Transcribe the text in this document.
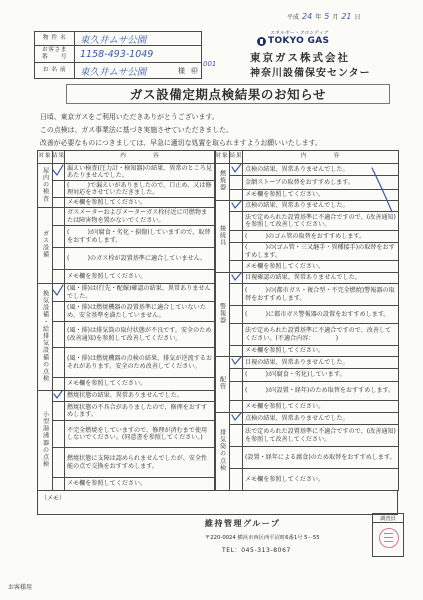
平成 24 年 5 月 21 日
物 件 名	東久井ムサ公園
お客さま
番　　号	1158-493-1049
お 名 前	東久井ムサ公園	様 ㊞
001
エネルギー・フロンティア
TOKYO GAS
東京ガス株式会社
神奈川設備保安センター
ガス設備定期点検結果のお知らせ
日頃、東京ガスをご利用いただきありがとうございます。
この点検は、ガス事業法に基づき実施させていただきました。
改善が必要なものにつきましては、早急に適切な処置を取られますようお願いいたします。
対象	結果	内　　　　容

屋内の検査		漏えい検査(圧力計・検知器)の結果、異常のところ見あたりませんでした。

(　　　)で漏えいがありましたので、口止め、又は修理対応をさせていただきました。

メモ欄を参照してください。

ガス設備		ガスメーターおよびメーターガス栓付近に可燃物または障害物を置かないでください。

(　　　)が(腐食・劣化・損傷)していますので、取替をおすすめします。

(　　　)のガス栓が設置基準に適合していません。

メモ欄を参照してください。

換気設備・給排気設備の点検		(風・排)は(行先・配線)確認の結果、異常ありませんでした。

(風・排)は燃焼機器の設置基準に適合していないため、安全基準を満たしていません。

(風・排)は排気筒の取付状態が不良です。安全のため(改善通知)を参照して改善してください。

(風・排)は燃焼機器の点検の結果、排気が逆流するおそれがあります。安全のため改善してください。

メモ欄を参照してください。

小型湯沸器の点検		燃焼状態の結果、異常ありませんでした。

燃焼状態の不具合がありましたので、修理をおすすめします。

不完全燃焼をしていますので、修理が済むまで使用しないでください。(同意書を参照してください。)

燃焼状態に支障は認められませんでしたが、安全性能の点で交換をおすすめします。

メモ欄を参照してください。
対象	結果	内　　　　容

燃焼器		点検の結果、異常ありませんでした。

金網ストーブの取替をおすすめします。

メモ欄を参照してください。

接続具		点検の結果、異常ありませんでした。

法で定められた設置基準に不適合ですので、(改善通知)を参照して改善してください。

(　　　)のゴム管の取替をおすすめします。

(　　　)の(ゴム管・三又継手・異種接手)の取替をおすすめします。

メモ欄を参照してください。

警報器		目視確認の結果、異常ありませんでした。

(　　　)の(都市ガス・複合型・不完全燃焼)警報器の取替をおすすめします。

(　　　)に都市ガス警報器の設置をおすすめします。

法で定められた設置基準に不適合ですので、改善してください。(不適合内容：　　　　)

メモ欄を参照してください。

配管		目視の結果、異常ありませんでした。

(　　　)が(腐食・劣化)しています。

(　　　)が(設置・経年)のため取替をおすすめします。

メモ欄を参照してください。

排気筒の点検		点検の結果、異常ありませんでした。

法で定められた設置基準に不適合ですので、(改善通知)を参照して改善してください。

(設置・経年による腐食)のため取替をおすすめします。

メモ欄を参照してください。
（メモ）
維持管理グループ
〒220-0024 横浜市西区西平沼町6番1号 5－55
TEL：045-313-8067
調査員
お客様用
